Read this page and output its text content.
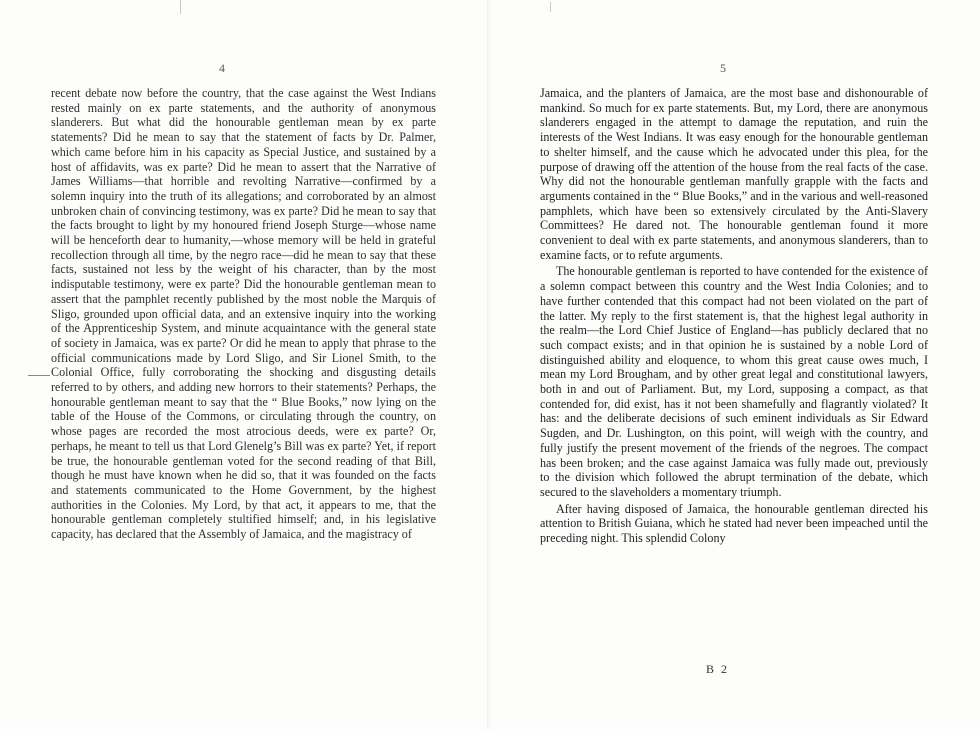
4

recent debate now before the country, that the case against the West Indians rested mainly on ex parte statements, and the authority of anonymous slanderers. But what did the honourable gentleman mean by ex parte statements? Did he mean to say that the statement of facts by Dr. Palmer, which came before him in his capacity as Special Justice, and sustained by a host of affidavits, was ex parte? Did he mean to assert that the Narrative of James Williams—that horrible and revolting Narrative—confirmed by a solemn inquiry into the truth of its allegations; and corroborated by an almost unbroken chain of convincing testimony, was ex parte? Did he mean to say that the facts brought to light by my honoured friend Joseph Sturge—whose name will be henceforth dear to humanity,—whose memory will be held in grateful recollection through all time, by the negro race—did he mean to say that these facts, sustained not less by the weight of his character, than by the most indisputable testimony, were ex parte? Did the honourable gentleman mean to assert that the pamphlet recently published by the most noble the Marquis of Sligo, grounded upon official data, and an extensive inquiry into the working of the Apprenticeship System, and minute acquaintance with the general state of society in Jamaica, was ex parte? Or did he mean to apply that phrase to the official communications made by Lord Sligo, and Sir Lionel Smith, to the Colonial Office, fully corroborating the shocking and disgusting details referred to by others, and adding new horrors to their statements? Perhaps, the honourable gentleman meant to say that the “ Blue Books,” now lying on the table of the House of the Commons, or circulating through the country, on whose pages are recorded the most atrocious deeds, were ex parte? Or, perhaps, he meant to tell us that Lord Glenelg’s Bill was ex parte? Yet, if report be true, the honourable gentleman voted for the second reading of that Bill, though he must have known when he did so, that it was founded on the facts and statements communicated to the Home Government, by the highest authorities in the Colonies. My Lord, by that act, it appears to me, that the honourable gentleman completely stultified himself; and, in his legislative capacity, has declared that the Assembly of Jamaica, and the magistracy of

5

Jamaica, and the planters of Jamaica, are the most base and dishonourable of mankind. So much for ex parte statements. But, my Lord, there are anonymous slanderers engaged in the attempt to damage the reputation, and ruin the interests of the West Indians. It was easy enough for the honourable gentleman to shelter himself, and the cause which he advocated under this plea, for the purpose of drawing off the attention of the house from the real facts of the case. Why did not the honourable gentleman manfully grapple with the facts and arguments contained in the “ Blue Books,” and in the various and well-reasoned pamphlets, which have been so extensively circulated by the Anti-Slavery Committees? He dared not. The honourable gentleman found it more convenient to deal with ex parte statements, and anonymous slanderers, than to examine facts, or to refute arguments.

The honourable gentleman is reported to have contended for the existence of a solemn compact between this country and the West India Colonies; and to have further contended that this compact had not been violated on the part of the latter. My reply to the first statement is, that the highest legal authority in the realm—the Lord Chief Justice of England—has publicly declared that no such compact exists; and in that opinion he is sustained by a noble Lord of distinguished ability and eloquence, to whom this great cause owes much, I mean my Lord Brougham, and by other great legal and constitutional lawyers, both in and out of Parliament. But, my Lord, supposing a compact, as that contended for, did exist, has it not been shamefully and flagrantly violated? It has: and the deliberate decisions of such eminent individuals as Sir Edward Sugden, and Dr. Lushington, on this point, will weigh with the country, and fully justify the present movement of the friends of the negroes. The compact has been broken; and the case against Jamaica was fully made out, previously to the division which followed the abrupt termination of the debate, which secured to the slaveholders a momentary triumph.

After having disposed of Jamaica, the honourable gentleman directed his attention to British Guiana, which he stated had never been impeached until the preceding night. This splendid Colony

B 2
